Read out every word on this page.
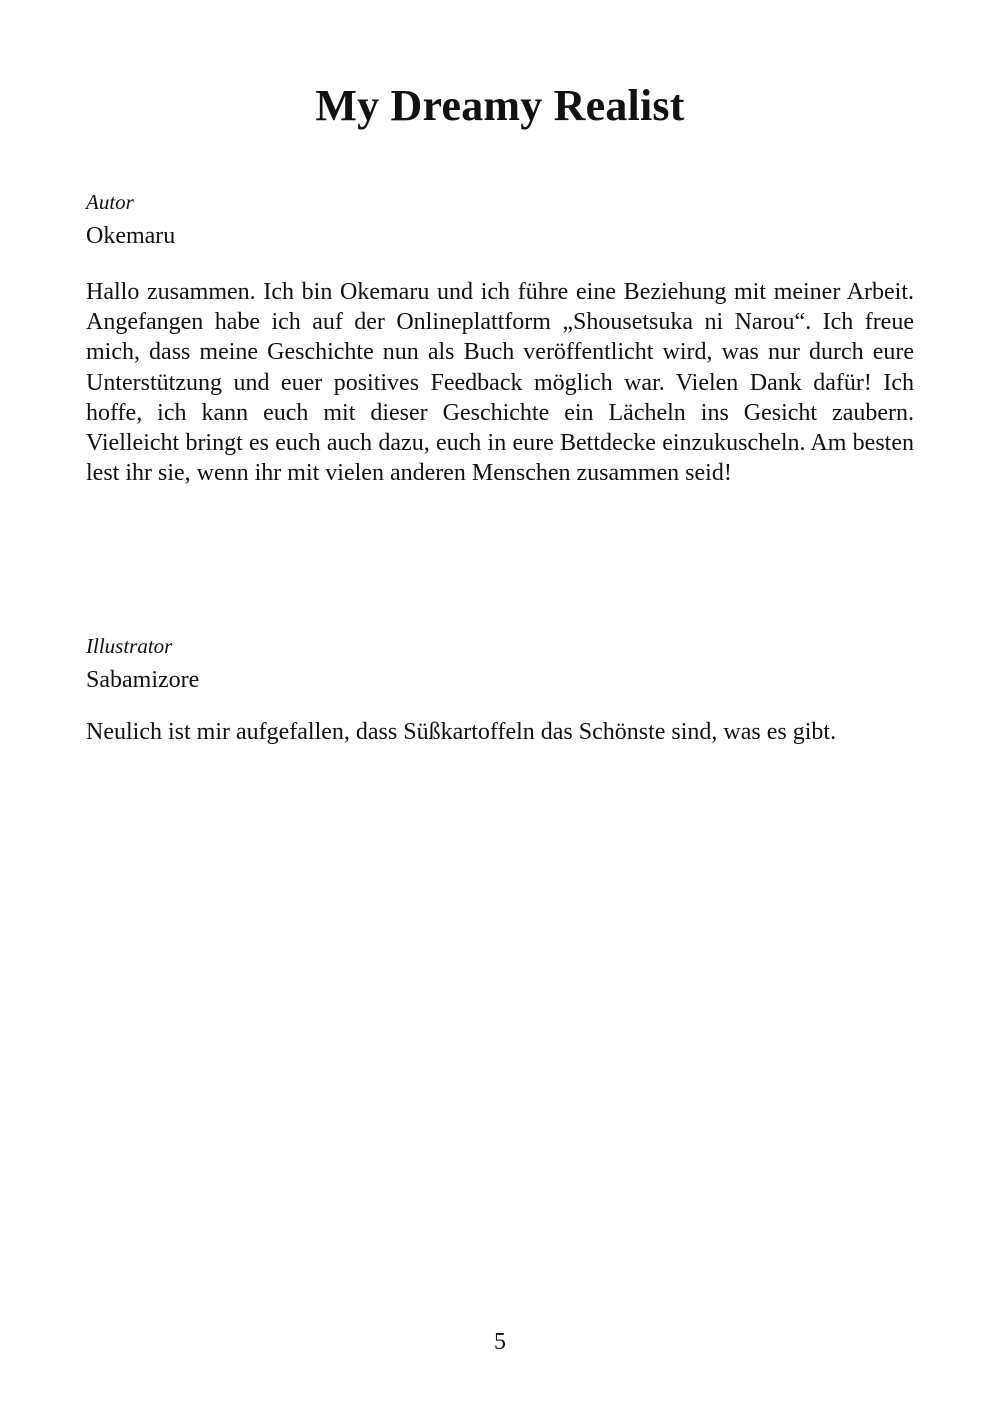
My Dreamy Realist

Autor

Okemaru

Hallo zusammen. Ich bin Okemaru und ich führe eine Beziehung mit meiner Arbeit. Angefangen habe ich auf der Onlineplattform „Shousetsuka ni Narou“. Ich freue mich, dass meine Geschichte nun als Buch veröffentlicht wird, was nur durch eure Unterstützung und euer positives Feedback möglich war. Vielen Dank dafür! Ich hoffe, ich kann euch mit dieser Geschichte ein Lächeln ins Gesicht zaubern. Vielleicht bringt es euch auch dazu, euch in eure Bettdecke einzukuscheln. Am besten lest ihr sie, wenn ihr mit vielen anderen Menschen zusammen seid!

Illustrator

Sabamizore

Neulich ist mir aufgefallen, dass Süßkartoffeln das Schönste sind, was es gibt.

5
